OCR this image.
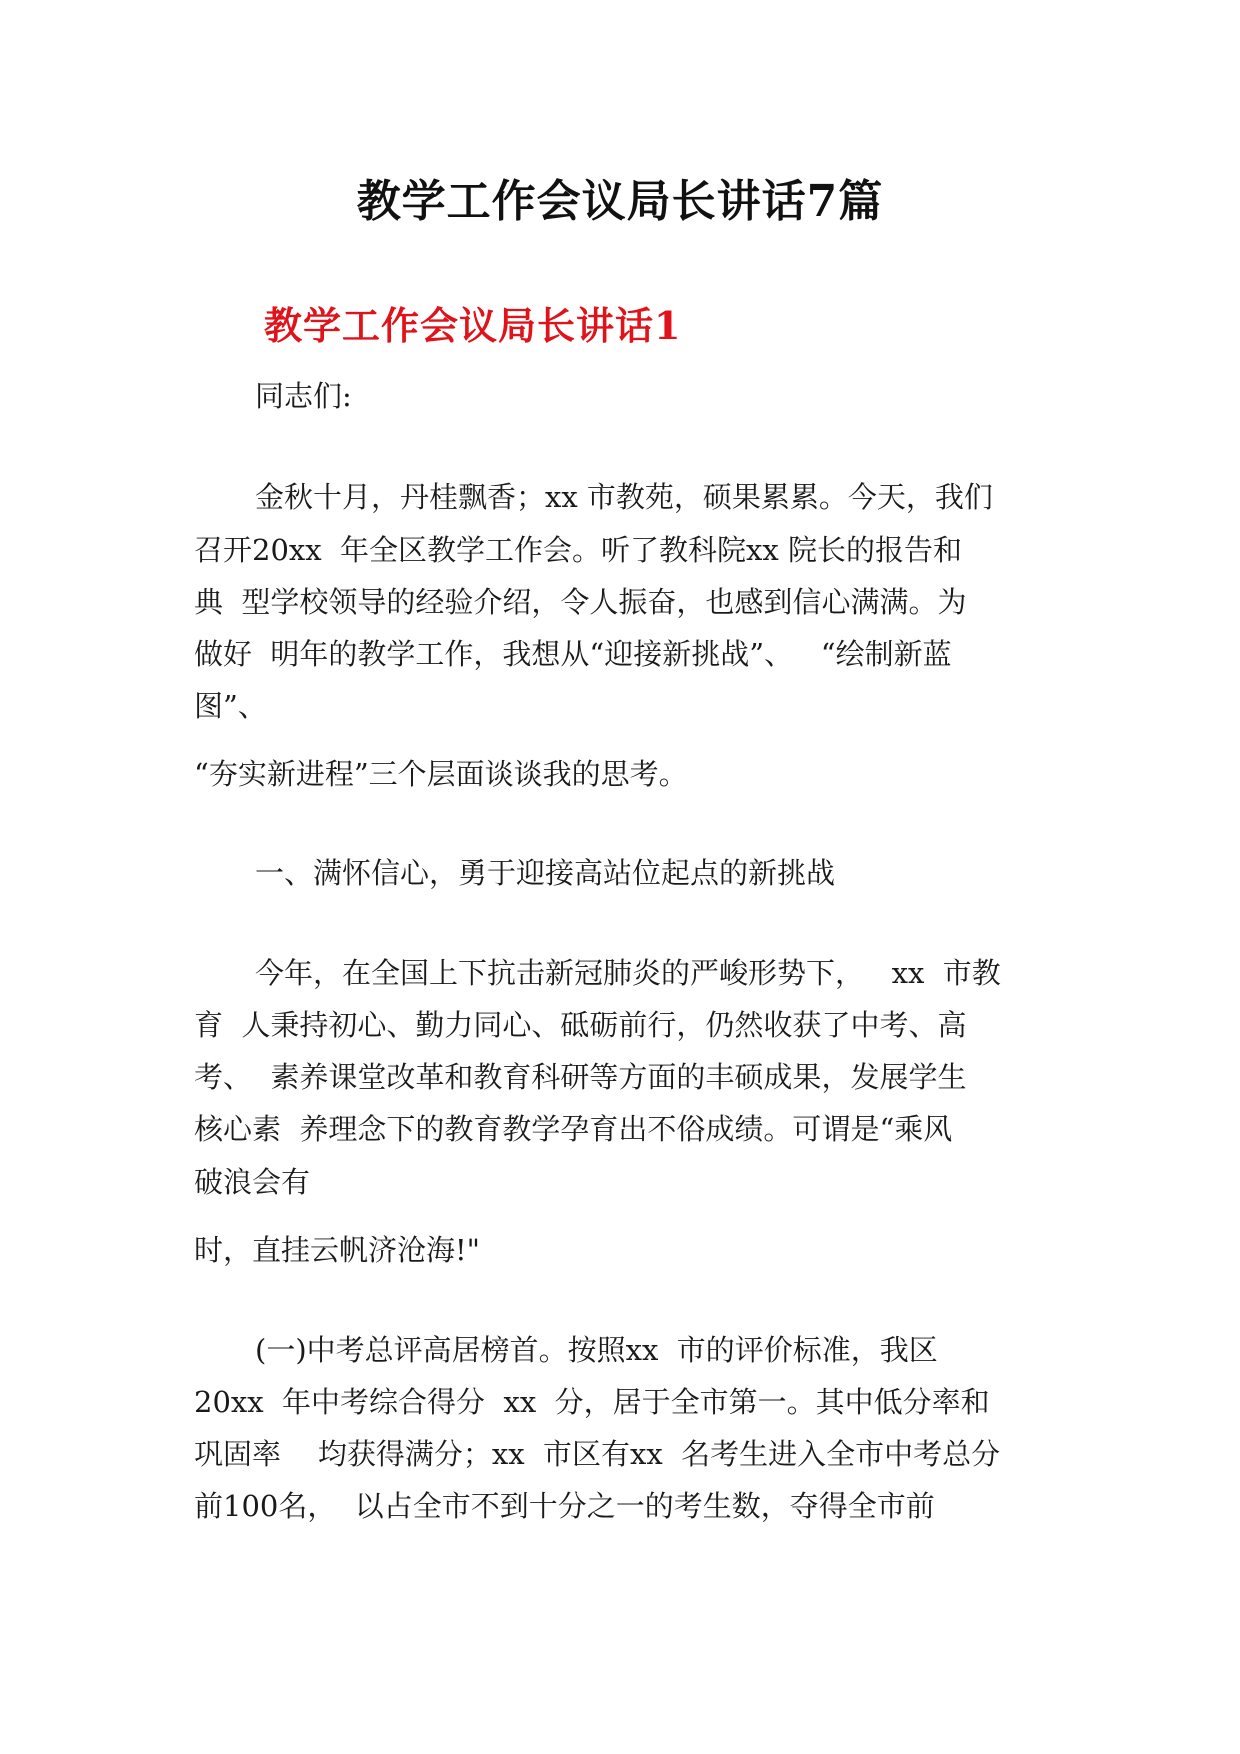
教学工作会议局长讲话7篇
教学工作会议局长讲话1

同志们:

金秋十月，丹桂飘香；xx 市教苑，硕果累累。今天，我们

召开20xx  年全区教学工作会。听了教科院xx 院长的报告和

典  型学校领导的经验介绍，令人振奋，也感到信心满满。为

做好  明年的教学工作，我想从“迎接新挑战”、   “绘制新蓝

图”、

“夯实新进程”三个层面谈谈我的思考。

一、满怀信心，勇于迎接高站位起点的新挑战

今年，在全国上下抗击新冠肺炎的严峻形势下，   xx  市教

育  人秉持初心、勤力同心、砥砺前行，仍然收获了中考、高

考、  素养课堂改革和教育科研等方面的丰硕成果，发展学生

核心素  养理念下的教育教学孕育出不俗成绩。可谓是“乘风

破浪会有

时，直挂云帆济沧海!"

(一)中考总评高居榜首。按照xx  市的评价标准，我区

20xx  年中考综合得分  xx  分，居于全市第一。其中低分率和

巩固率    均获得满分；xx  市区有xx  名考生进入全市中考总分

前100名，  以占全市不到十分之一的考生数，夺得全市前
